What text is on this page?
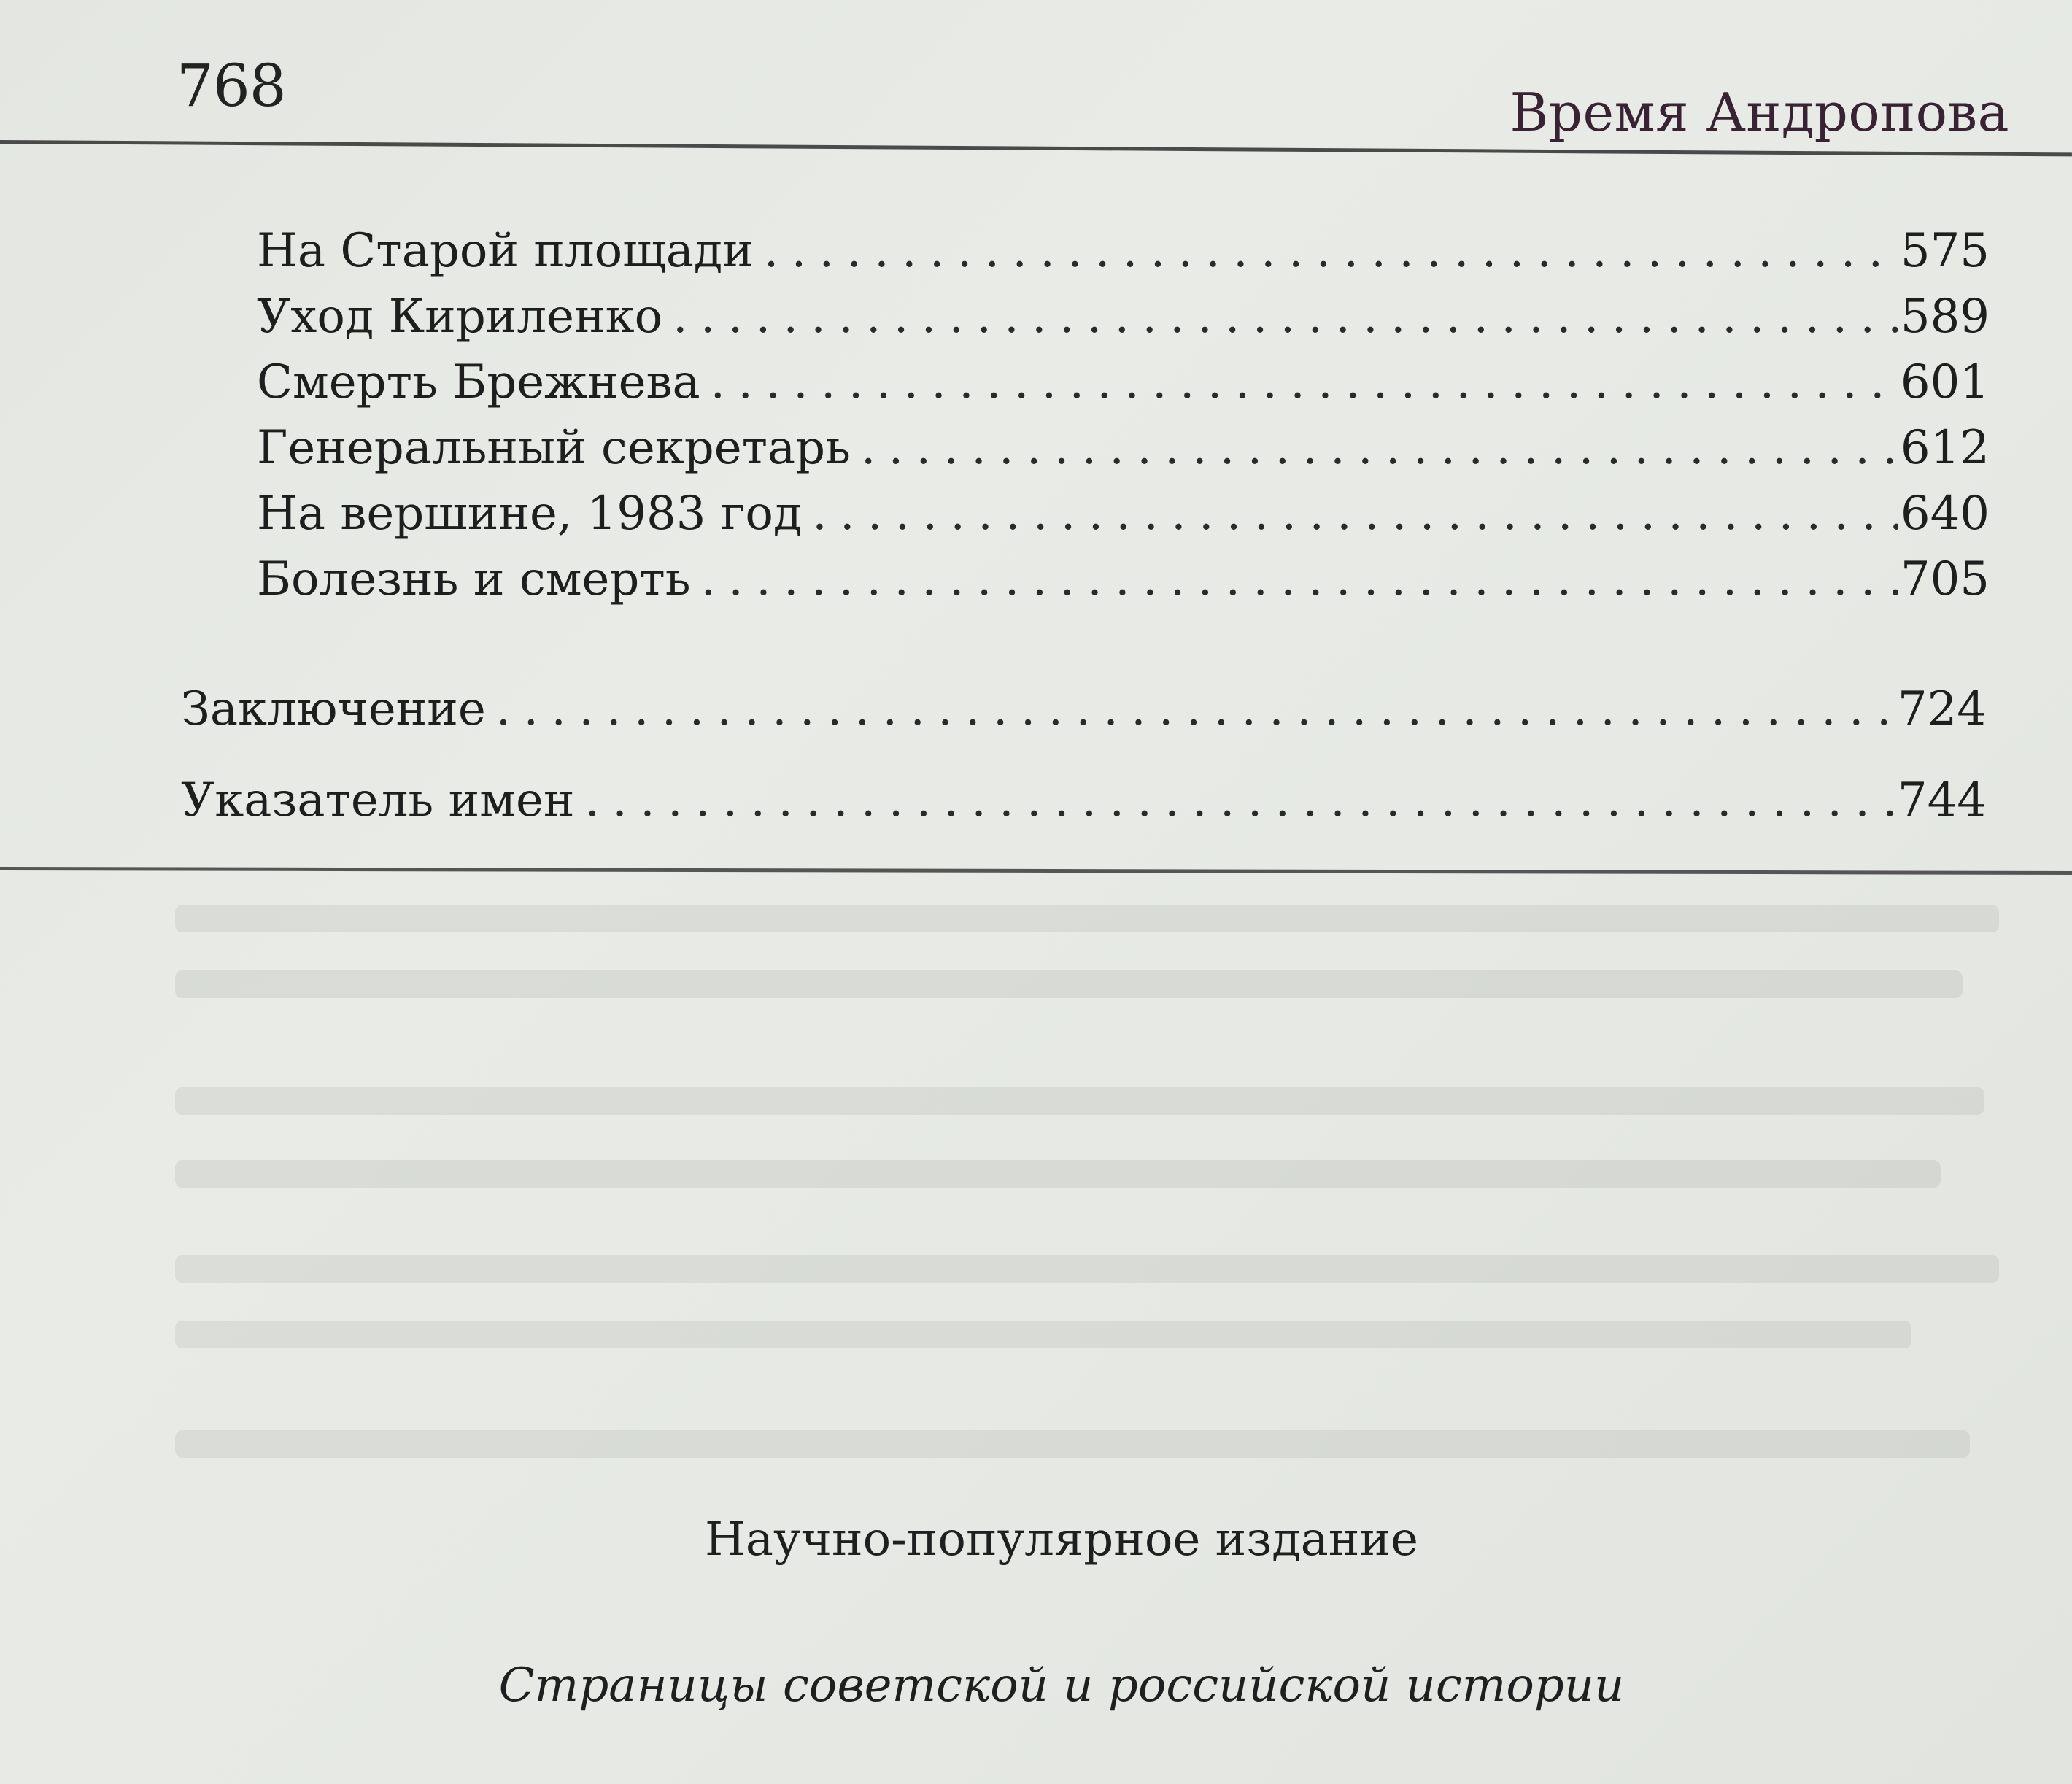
768	Время Андропова
На Старой площади .....	575
Уход Кириленко .....	589
Смерть Брежнева .....	601
Генеральный секретарь .....	612
На вершине, 1983 год .....	640
Болезнь и смерть .....	705
Заключение .....	724
Указатель имен .....	744
Научно-популярное издание
Страницы советской и российской истории
